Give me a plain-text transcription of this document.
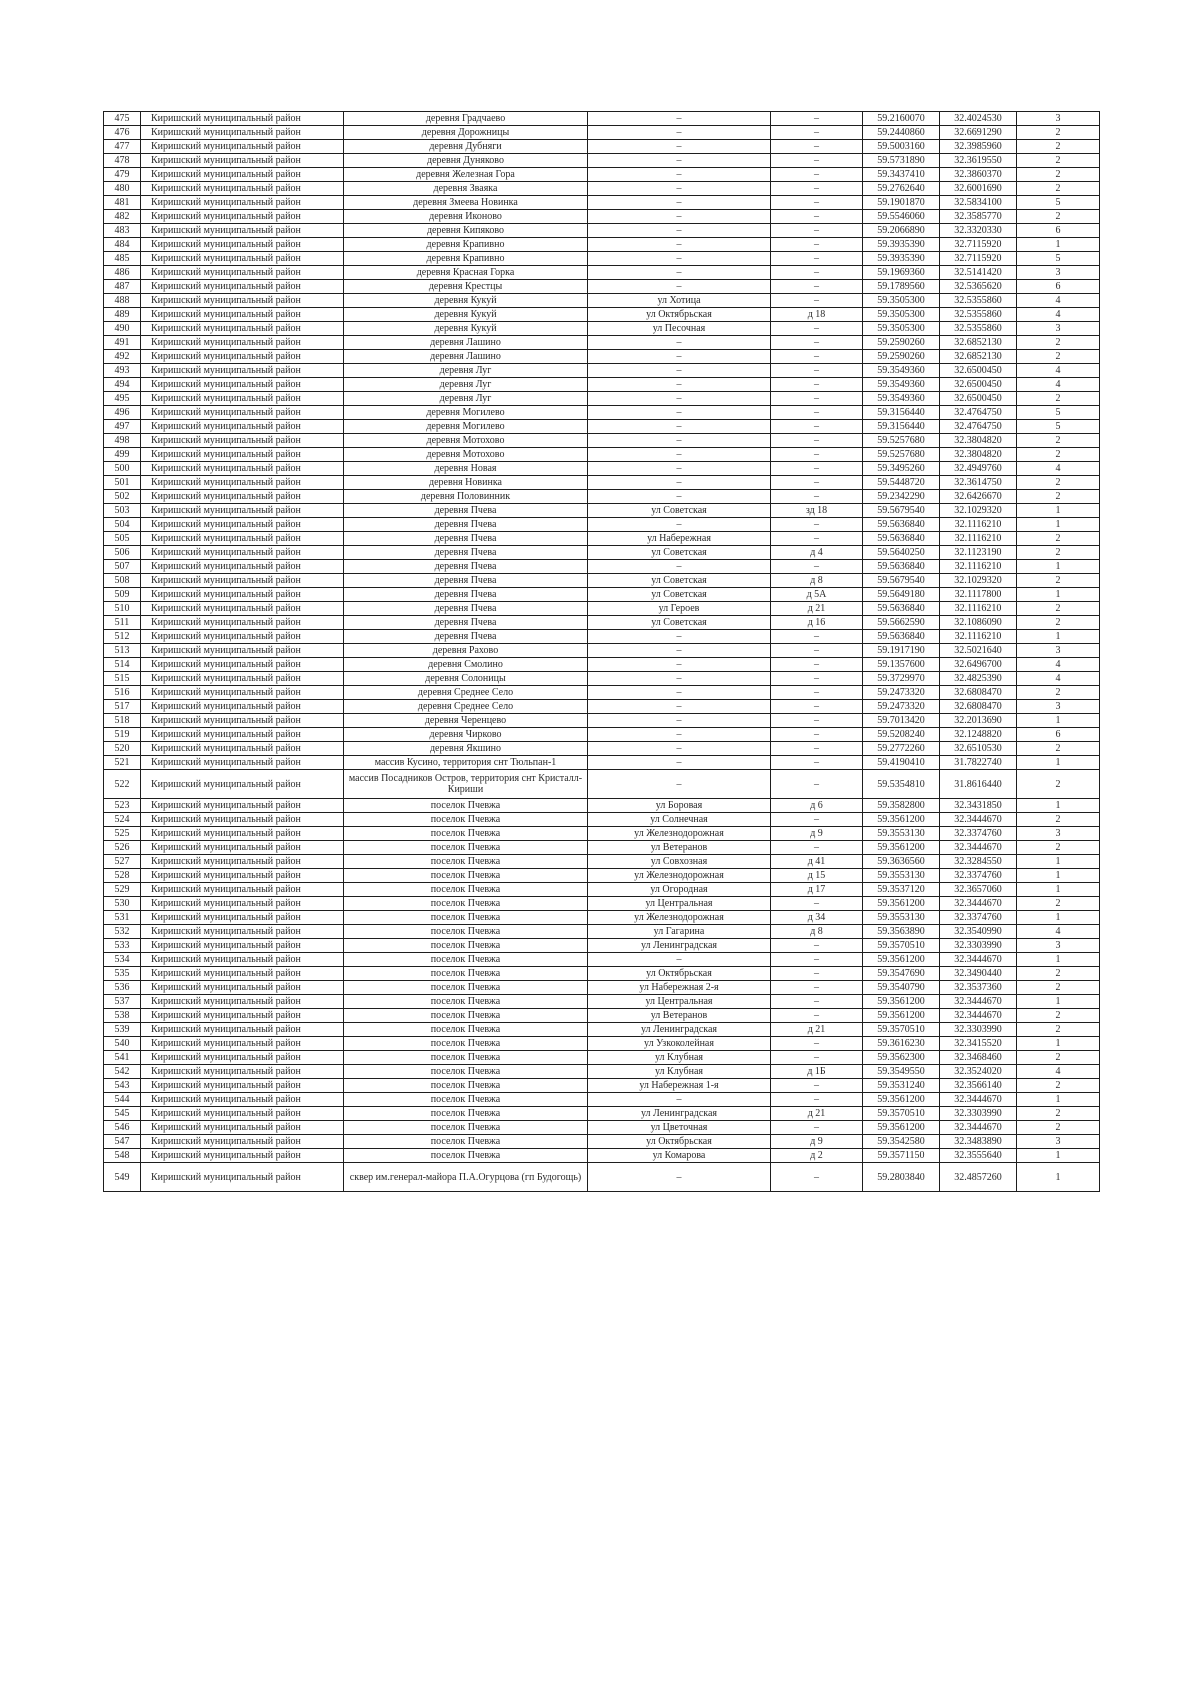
475	Киришский муниципальный район	деревня Градчаево	–	–	59.2160070	32.4024530	3
476	Киришский муниципальный район	деревня Дорожницы	–	–	59.2440860	32.6691290	2
477	Киришский муниципальный район	деревня Дубняги	–	–	59.5003160	32.3985960	2
478	Киришский муниципальный район	деревня Дуняково	–	–	59.5731890	32.3619550	2
479	Киришский муниципальный район	деревня Железная Гора	–	–	59.3437410	32.3860370	2
480	Киришский муниципальный район	деревня Зваяка	–	–	59.2762640	32.6001690	2
481	Киришский муниципальный район	деревня Змеева Новинка	–	–	59.1901870	32.5834100	5
482	Киришский муниципальный район	деревня Иконово	–	–	59.5546060	32.3585770	2
483	Киришский муниципальный район	деревня Кипяково	–	–	59.2066890	32.3320330	6
484	Киришский муниципальный район	деревня Крапивно	–	–	59.3935390	32.7115920	1
485	Киришский муниципальный район	деревня Крапивно	–	–	59.3935390	32.7115920	5
486	Киришский муниципальный район	деревня Красная Горка	–	–	59.1969360	32.5141420	3
487	Киришский муниципальный район	деревня Крестцы	–	–	59.1789560	32.5365620	6
488	Киришский муниципальный район	деревня Кукуй	ул Хотица	–	59.3505300	32.5355860	4
489	Киришский муниципальный район	деревня Кукуй	ул Октябрьская	д 18	59.3505300	32.5355860	4
490	Киришский муниципальный район	деревня Кукуй	ул Песочная	–	59.3505300	32.5355860	3
491	Киришский муниципальный район	деревня Лашино	–	–	59.2590260	32.6852130	2
492	Киришский муниципальный район	деревня Лашино	–	–	59.2590260	32.6852130	2
493	Киришский муниципальный район	деревня Луг	–	–	59.3549360	32.6500450	4
494	Киришский муниципальный район	деревня Луг	–	–	59.3549360	32.6500450	4
495	Киришский муниципальный район	деревня Луг	–	–	59.3549360	32.6500450	2
496	Киришский муниципальный район	деревня Могилево	–	–	59.3156440	32.4764750	5
497	Киришский муниципальный район	деревня Могилево	–	–	59.3156440	32.4764750	5
498	Киришский муниципальный район	деревня Мотохово	–	–	59.5257680	32.3804820	2
499	Киришский муниципальный район	деревня Мотохово	–	–	59.5257680	32.3804820	2
500	Киришский муниципальный район	деревня Новая	–	–	59.3495260	32.4949760	4
501	Киришский муниципальный район	деревня Новинка	–	–	59.5448720	32.3614750	2
502	Киришский муниципальный район	деревня Половинник	–	–	59.2342290	32.6426670	2
503	Киришский муниципальный район	деревня Пчева	ул Советская	зд 18	59.5679540	32.1029320	1
504	Киришский муниципальный район	деревня Пчева	–	–	59.5636840	32.1116210	1
505	Киришский муниципальный район	деревня Пчева	ул Набережная	–	59.5636840	32.1116210	2
506	Киришский муниципальный район	деревня Пчева	ул Советская	д 4	59.5640250	32.1123190	2
507	Киришский муниципальный район	деревня Пчева	–	–	59.5636840	32.1116210	1
508	Киришский муниципальный район	деревня Пчева	ул Советская	д 8	59.5679540	32.1029320	2
509	Киришский муниципальный район	деревня Пчева	ул Советская	д 5А	59.5649180	32.1117800	1
510	Киришский муниципальный район	деревня Пчева	ул Героев	д 21	59.5636840	32.1116210	2
511	Киришский муниципальный район	деревня Пчева	ул Советская	д 16	59.5662590	32.1086090	2
512	Киришский муниципальный район	деревня Пчева	–	–	59.5636840	32.1116210	1
513	Киришский муниципальный район	деревня Рахово	–	–	59.1917190	32.5021640	3
514	Киришский муниципальный район	деревня Смолино	–	–	59.1357600	32.6496700	4
515	Киришский муниципальный район	деревня Солоницы	–	–	59.3729970	32.4825390	4
516	Киришский муниципальный район	деревня Среднее Село	–	–	59.2473320	32.6808470	2
517	Киришский муниципальный район	деревня Среднее Село	–	–	59.2473320	32.6808470	3
518	Киришский муниципальный район	деревня Черенцево	–	–	59.7013420	32.2013690	1
519	Киришский муниципальный район	деревня Чирково	–	–	59.5208240	32.1248820	6
520	Киришский муниципальный район	деревня Якшино	–	–	59.2772260	32.6510530	2
521	Киришский муниципальный район	массив Кусино, территория снт Тюльпан-1	–	–	59.4190410	31.7822740	1
522	Киришский муниципальный район	массив Посадников Остров, территория снт Кристалл-Кириши	–	–	59.5354810	31.8616440	2
523	Киришский муниципальный район	поселок Пчевжа	ул Боровая	д 6	59.3582800	32.3431850	1
524	Киришский муниципальный район	поселок Пчевжа	ул Солнечная	–	59.3561200	32.3444670	2
525	Киришский муниципальный район	поселок Пчевжа	ул Железнодорожная	д 9	59.3553130	32.3374760	3
526	Киришский муниципальный район	поселок Пчевжа	ул Ветеранов	–	59.3561200	32.3444670	2
527	Киришский муниципальный район	поселок Пчевжа	ул Совхозная	д 41	59.3636560	32.3284550	1
528	Киришский муниципальный район	поселок Пчевжа	ул Железнодорожная	д 15	59.3553130	32.3374760	1
529	Киришский муниципальный район	поселок Пчевжа	ул Огородная	д 17	59.3537120	32.3657060	1
530	Киришский муниципальный район	поселок Пчевжа	ул Центральная	–	59.3561200	32.3444670	2
531	Киришский муниципальный район	поселок Пчевжа	ул Железнодорожная	д 34	59.3553130	32.3374760	1
532	Киришский муниципальный район	поселок Пчевжа	ул Гагарина	д 8	59.3563890	32.3540990	4
533	Киришский муниципальный район	поселок Пчевжа	ул Ленинградская	–	59.3570510	32.3303990	3
534	Киришский муниципальный район	поселок Пчевжа	–	–	59.3561200	32.3444670	1
535	Киришский муниципальный район	поселок Пчевжа	ул Октябрьская	–	59.3547690	32.3490440	2
536	Киришский муниципальный район	поселок Пчевжа	ул Набережная 2-я	–	59.3540790	32.3537360	2
537	Киришский муниципальный район	поселок Пчевжа	ул Центральная	–	59.3561200	32.3444670	1
538	Киришский муниципальный район	поселок Пчевжа	ул Ветеранов	–	59.3561200	32.3444670	2
539	Киришский муниципальный район	поселок Пчевжа	ул Ленинградская	д 21	59.3570510	32.3303990	2
540	Киришский муниципальный район	поселок Пчевжа	ул Узкоколейная	–	59.3616230	32.3415520	1
541	Киришский муниципальный район	поселок Пчевжа	ул Клубная	–	59.3562300	32.3468460	2
542	Киришский муниципальный район	поселок Пчевжа	ул Клубная	д 1Б	59.3549550	32.3524020	4
543	Киришский муниципальный район	поселок Пчевжа	ул Набережная 1-я	–	59.3531240	32.3566140	2
544	Киришский муниципальный район	поселок Пчевжа	–	–	59.3561200	32.3444670	1
545	Киришский муниципальный район	поселок Пчевжа	ул Ленинградская	д 21	59.3570510	32.3303990	2
546	Киришский муниципальный район	поселок Пчевжа	ул Цветочная	–	59.3561200	32.3444670	2
547	Киришский муниципальный район	поселок Пчевжа	ул Октябрьская	д 9	59.3542580	32.3483890	3
548	Киришский муниципальный район	поселок Пчевжа	ул Комарова	д 2	59.3571150	32.3555640	1
549	Киришский муниципальный район	сквер им.генерал-майора П.А.Огурцова (гп Будогощь)	–	–	59.2803840	32.4857260	1
